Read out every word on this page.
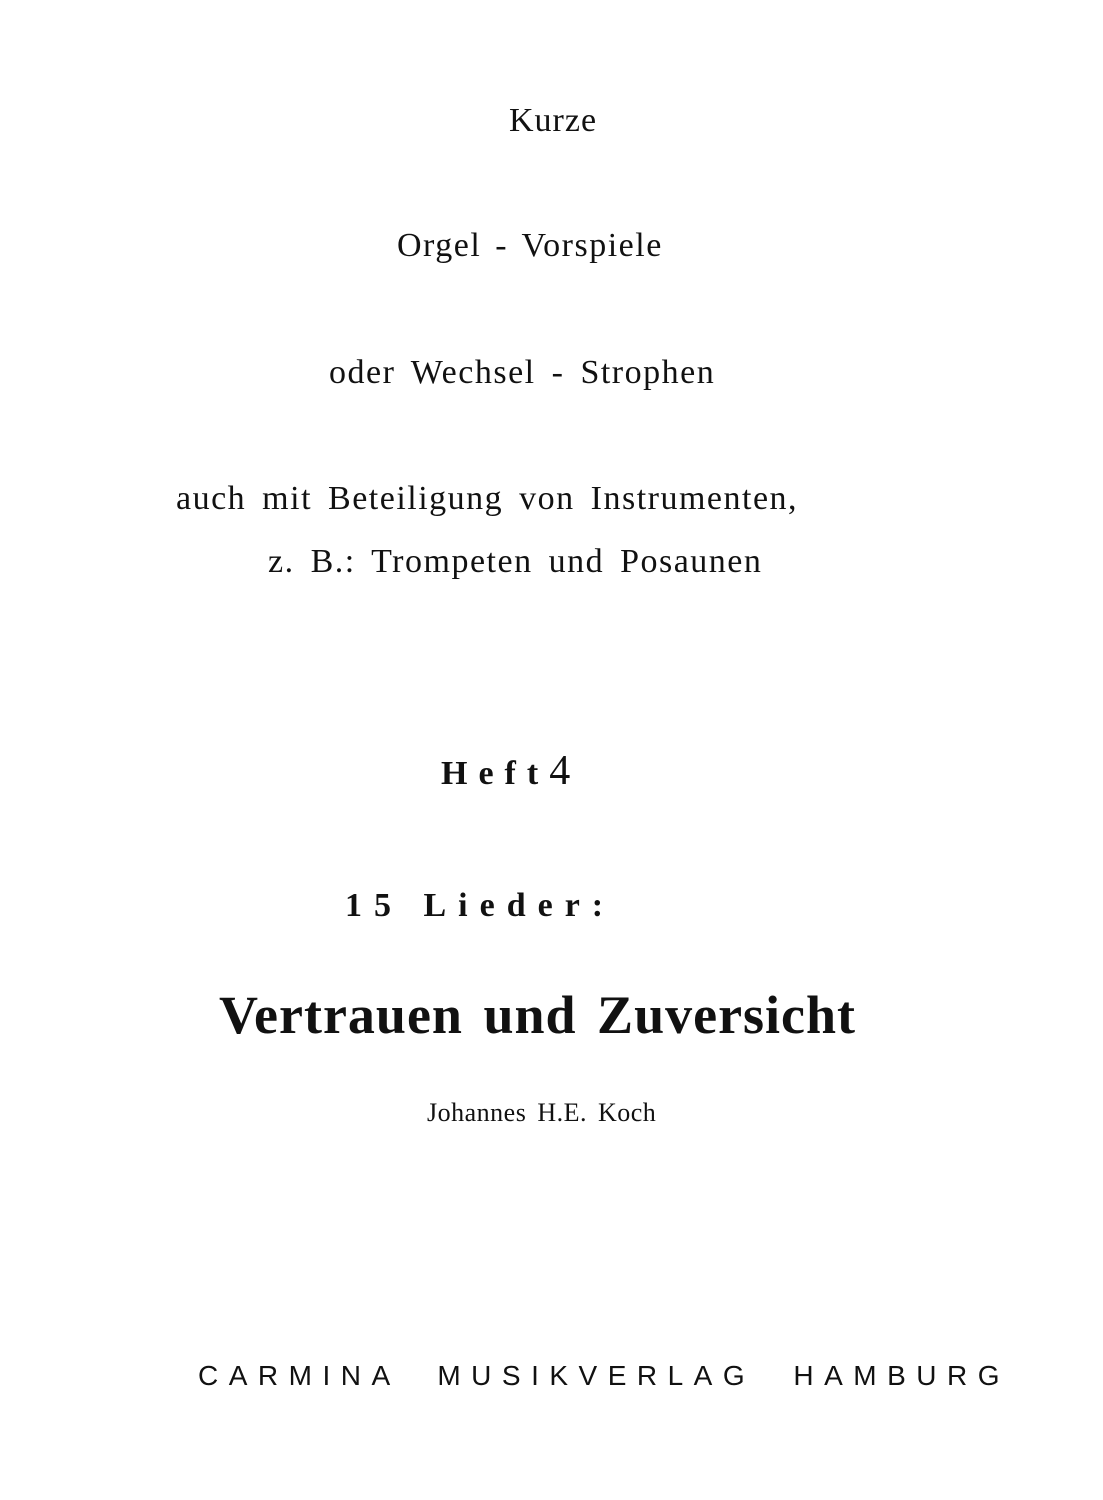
Kurze
Orgel - Vorspiele
oder Wechsel - Strophen
auch mit Beteiligung von Instrumenten,
z. B.: Trompeten und Posaunen
Heft4
15 Lieder:
Vertrauen und Zuversicht
Johannes H.E. Koch
CARMINA MUSIKVERLAG HAMBURG
